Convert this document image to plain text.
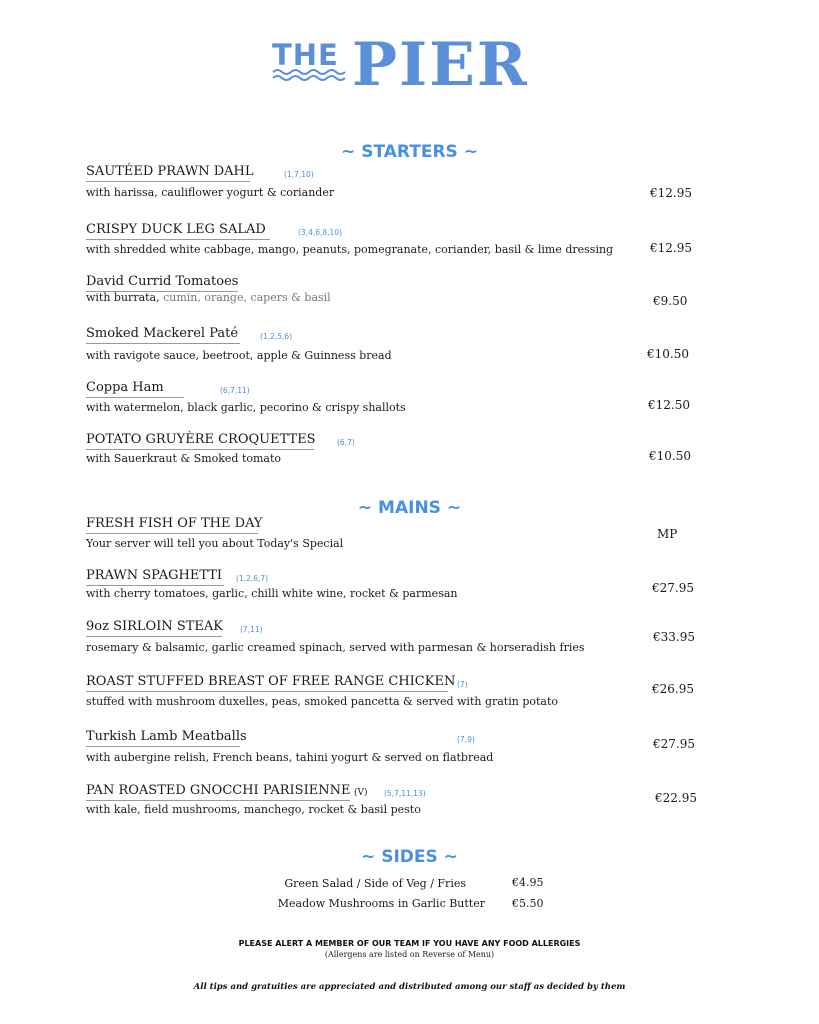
THE PIER
~ STARTERS ~
SAUTÉED PRAWN DAHL	(1,7,10)
with harissa, cauliflower yogurt & coriander	€12.95
CRISPY DUCK LEG SALAD	(3,4,6,8,10)
with shredded white cabbage, mango, peanuts, pomegranate, coriander, basil & lime dressing	€12.95
David Currid Tomatoes
with burrata, cumin, orange, capers & basil	€9.50
Smoked Mackerel Paté	(1,2,5,6)
with ravigote sauce, beetroot, apple & Guinness bread	€10.50
Coppa Ham	(6,7,11)
with watermelon, black garlic, pecorino & crispy shallots	€12.50
POTATO GRUYÈRE CROQUETTES	(6,7)
with Sauerkraut & Smoked tomato	€10.50
~ MAINS ~
FRESH FISH OF THE DAY
Your server will tell you about Today's Special
MP
PRAWN SPAGHETTI (1,2,6,7)
with cherry tomatoes, garlic, chilli white wine, rocket & parmesan	€27.95
9oz SIRLOIN STEAK (7,11)
rosemary & balsamic, garlic creamed spinach, served with parmesan & horseradish fries
€33.95
ROAST STUFFED BREAST OF FREE RANGE CHICKEN (7)
stuffed with mushroom duxelles, peas, smoked pancetta & served with gratin potato
€26.95
Turkish Lamb Meatballs	(7,9)
with aubergine relish, French beans, tahini yogurt & served on flatbread
€27.95
PAN ROASTED GNOCCHI PARISIENNE (V) (5,7,11,13)
with kale, field mushrooms, manchego, rocket & basil pesto
€22.95
~ SIDES ~
Green Salad / Side of Veg / Fries	€4.95
Meadow Mushrooms in Garlic Butter €5.50
PLEASE ALERT A MEMBER OF OUR TEAM IF YOU HAVE ANY FOOD ALLERGIES
(Allergens are listed on Reverse of Menu)
All tips and gratuities are appreciated and distributed among our staff as decided by them
